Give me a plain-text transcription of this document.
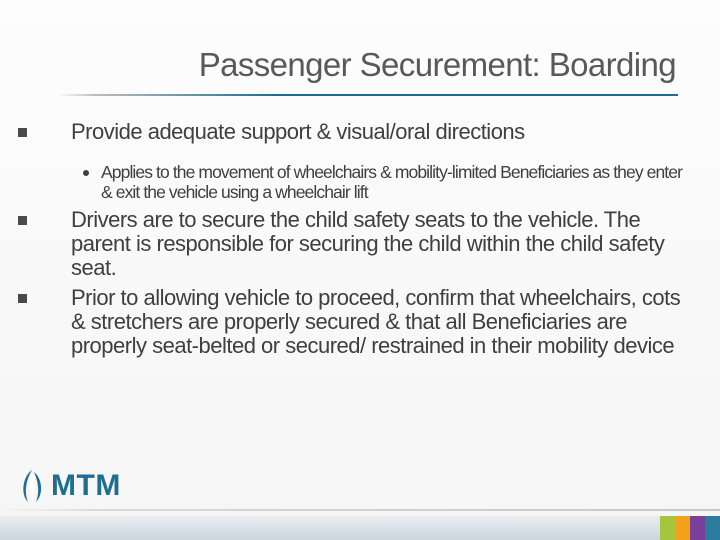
Passenger Securement: Boarding
Provide adequate support & visual/oral directions
Applies to the movement of wheelchairs & mobility-limited Beneficiaries as they enter & exit the vehicle using a wheelchair lift
Drivers are to secure the child safety seats to the vehicle. The parent is responsible for securing the child within the child safety seat.
Prior to allowing vehicle to proceed, confirm that wheelchairs, cots & stretchers are properly secured & that all Beneficiaries are properly seat-belted or secured/ restrained in their mobility device
MTM
